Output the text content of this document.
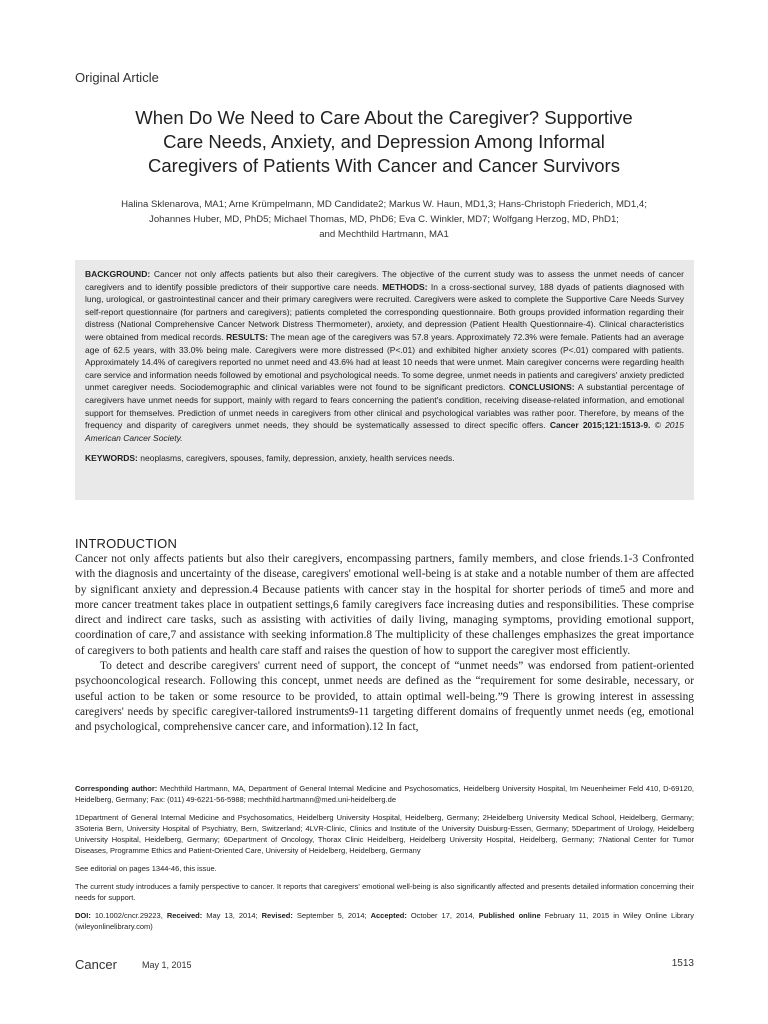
Original Article
When Do We Need to Care About the Caregiver? Supportive
Care Needs, Anxiety, and Depression Among Informal
Caregivers of Patients With Cancer and Cancer Survivors
Halina Sklenarova, MA1; Arne Krümpelmann, MD Candidate2; Markus W. Haun, MD1,3; Hans-Christoph Friederich, MD1,4;
Johannes Huber, MD, PhD5; Michael Thomas, MD, PhD6; Eva C. Winkler, MD7; Wolfgang Herzog, MD, PhD1;
and Mechthild Hartmann, MA1

BACKGROUND: Cancer not only affects patients but also their caregivers. The objective of the current study was to assess the unmet needs of cancer caregivers and to identify possible predictors of their supportive care needs. METHODS: In a cross-sectional survey, 188 dyads of patients diagnosed with lung, urological, or gastrointestinal cancer and their primary caregivers were recruited. Caregivers were asked to complete the Supportive Care Needs Survey self-report questionnaire (for partners and caregivers); patients completed the corresponding questionnaire. Both groups provided information regarding their distress (National Comprehensive Cancer Network Distress Thermometer), anxiety, and depression (Patient Health Questionnaire-4). Clinical characteristics were obtained from medical records. RESULTS: The mean age of the caregivers was 57.8 years. Approximately 72.3% were female. Patients had an average age of 62.5 years, with 33.0% being male. Caregivers were more distressed (P<.01) and exhibited higher anxiety scores (P<.01) compared with patients. Approximately 14.4% of caregivers reported no unmet need and 43.6% had at least 10 needs that were unmet. Main caregiver concerns were regarding health care service and information needs followed by emotional and psychological needs. To some degree, unmet needs in patients and caregivers' anxiety predicted unmet caregiver needs. Sociodemographic and clinical variables were not found to be significant predictors. CONCLUSIONS: A substantial percentage of caregivers have unmet needs for support, mainly with regard to fears concerning the patient's condition, receiving disease-related information, and emotional support for themselves. Prediction of unmet needs in caregivers from other clinical and psychological variables was rather poor. Therefore, by means of the frequency and disparity of caregivers unmet needs, they should be systematically assessed to direct specific offers. Cancer 2015;121:1513-9. © 2015 American Cancer Society.

KEYWORDS: neoplasms, caregivers, spouses, family, depression, anxiety, health services needs.
INTRODUCTION

Cancer not only affects patients but also their caregivers, encompassing partners, family members, and close friends.1-3 Confronted with the diagnosis and uncertainty of the disease, caregivers' emotional well-being is at stake and a notable number of them are affected by significant anxiety and depression.4 Because patients with cancer stay in the hospital for shorter periods of time5 and more and more cancer treatment takes place in outpatient settings,6 family caregivers face increasing duties and responsibilities. These comprise direct and indirect care tasks, such as assisting with activities of daily living, managing symptoms, providing emotional support, coordination of care,7 and assistance with seeking information.8 The multiplicity of these challenges emphasizes the great importance of caregivers to both patients and health care staff and raises the question of how to support the caregiver most efficiently.

To detect and describe caregivers' current need of support, the concept of “unmet needs” was endorsed from patient-oriented psychooncological research. Following this concept, unmet needs are defined as the “requirement for some desirable, necessary, or useful action to be taken or some resource to be provided, to attain optimal well-being.”9 There is growing interest in assessing caregivers' needs by specific caregiver-tailored instruments9-11 targeting different domains of frequently unmet needs (eg, emotional and psychological, comprehensive cancer care, and information).12 In fact,

Corresponding author: Mechthild Hartmann, MA, Department of General Internal Medicine and Psychosomatics, Heidelberg University Hospital, Im Neuenheimer Feld 410, D-69120, Heidelberg, Germany; Fax: (011) 49-6221-56-5988; mechthild.hartmann@med.uni-heidelberg.de

1Department of General Internal Medicine and Psychosomatics, Heidelberg University Hospital, Heidelberg, Germany; 2Heidelberg University Medical School, Heidelberg, Germany; 3Soteria Bern, University Hospital of Psychiatry, Bern, Switzerland; 4LVR-Clinic, Clinics and Institute of the University Duisburg-Essen, Germany; 5Department of Urology, Heidelberg University Hospital, Heidelberg, Germany; 6Department of Oncology, Thorax Clinic Heidelberg, Heidelberg University Hospital, Heidelberg, Germany; 7National Center for Tumor Diseases, Programme Ethics and Patient-Oriented Care, University of Heidelberg, Heidelberg, Germany

See editorial on pages 1344-46, this issue.

The current study introduces a family perspective to cancer. It reports that caregivers' emotional well-being is also significantly affected and presents detailed information concerning their needs for support.

DOI: 10.1002/cncr.29223, Received: May 13, 2014; Revised: September 5, 2014; Accepted: October 17, 2014, Published online February 11, 2015 in Wiley Online Library (wileyonlinelibrary.com)

Cancer	May 1, 2015	1513
